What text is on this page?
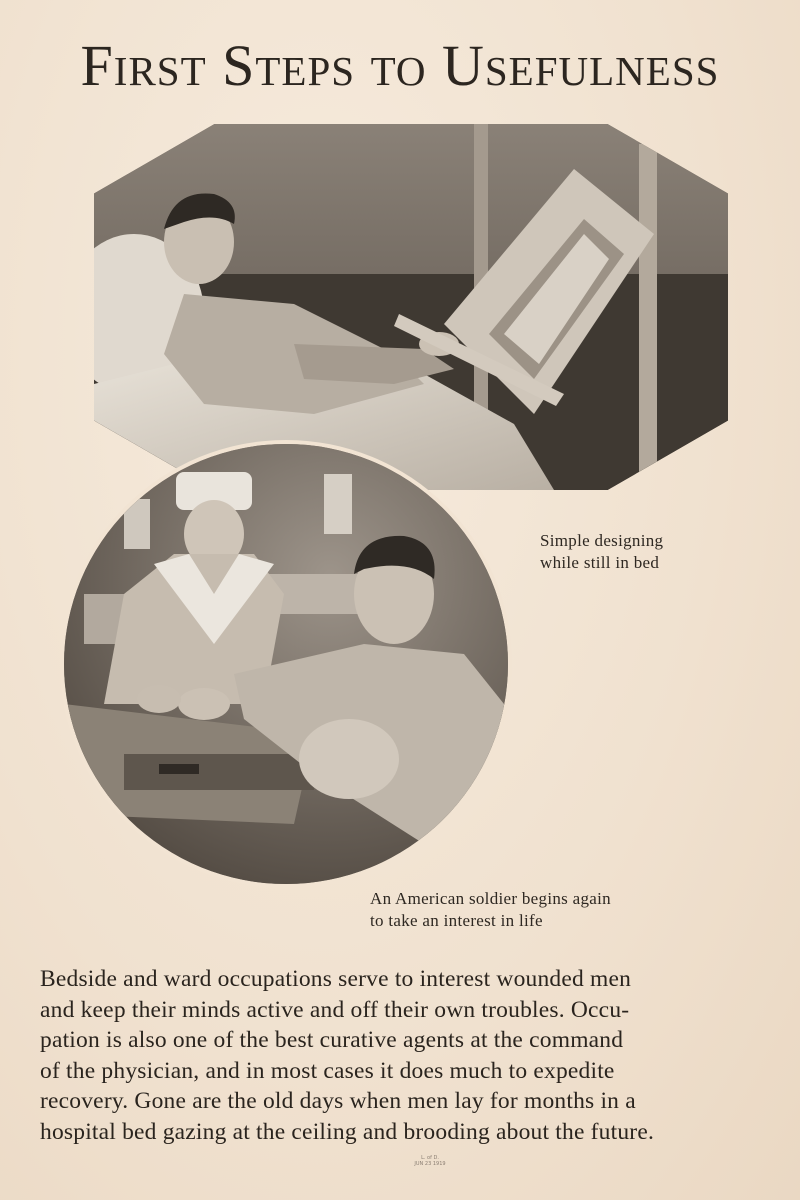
First Steps to Usefulness
Simple designing
while still in bed
An American soldier begins again
to take an interest in life
Bedside and ward occupations serve to interest wounded men
and keep their minds active and off their own troubles. Occu-
pation is also one of the best curative agents at the command
of the physician, and in most cases it does much to expedite
recovery. Gone are the old days when men lay for months in a
hospital bed gazing at the ceiling and brooding about the future.
L. of D.
JUN 23 1919
